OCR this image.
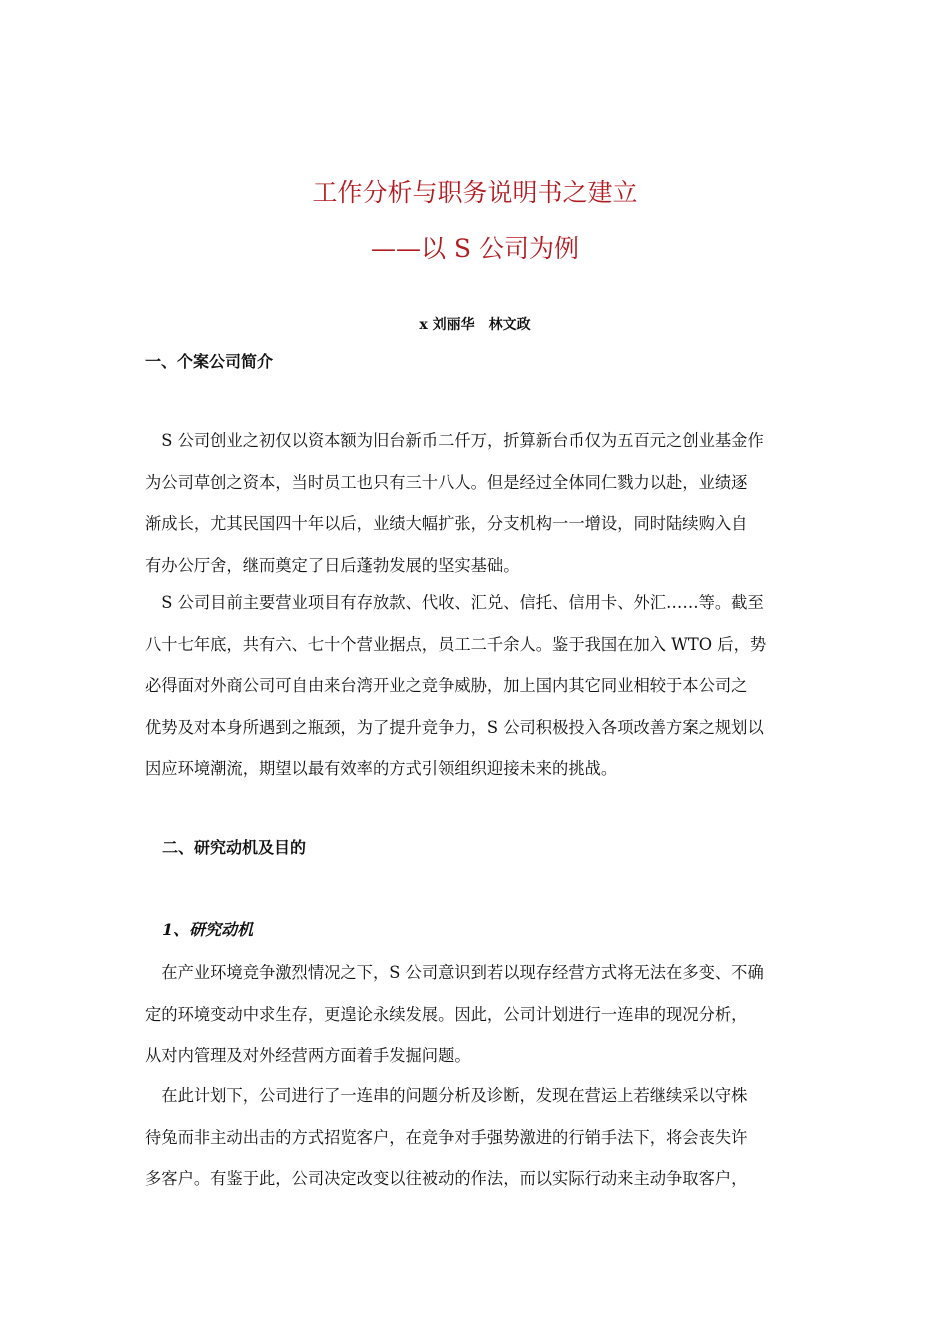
工作分析与职务说明书之建立
——以 S 公司为例
x 刘丽华　林文政
一、个案公司简介
　S 公司创业之初仅以资本额为旧台新币二仟万，折算新台币仅为五百元之创业基金作
为公司草创之资本，当时员工也只有三十八人。但是经过全体同仁戮力以赴，业绩逐
渐成长，尤其民国四十年以后，业绩大幅扩张，分支机构一一增设，同时陆续购入自
有办公厅舍，继而奠定了日后蓬勃发展的坚实基础。
　S 公司目前主要营业项目有存放款、代收、汇兑、信托、信用卡、外汇……等。截至
八十七年底，共有六、七十个营业据点，员工二千余人。鉴于我国在加入 WTO 后，势
必得面对外商公司可自由来台湾开业之竞争威胁，加上国内其它同业相较于本公司之
优势及对本身所遇到之瓶颈，为了提升竞争力，S 公司积极投入各项改善方案之规划以
因应环境潮流，期望以最有效率的方式引领组织迎接未来的挑战。
二、研究动机及目的
1、研究动机
　在产业环境竞争激烈情况之下，S 公司意识到若以现存经营方式将无法在多变、不确
定的环境变动中求生存，更遑论永续发展。因此，公司计划进行一连串的现况分析，
从对内管理及对外经营两方面着手发掘问题。
　在此计划下，公司进行了一连串的问题分析及诊断，发现在营运上若继续采以守株
待兔而非主动出击的方式招览客户，在竞争对手强势激进的行销手法下，将会丧失许
多客户。有鉴于此，公司决定改变以往被动的作法，而以实际行动来主动争取客户，
